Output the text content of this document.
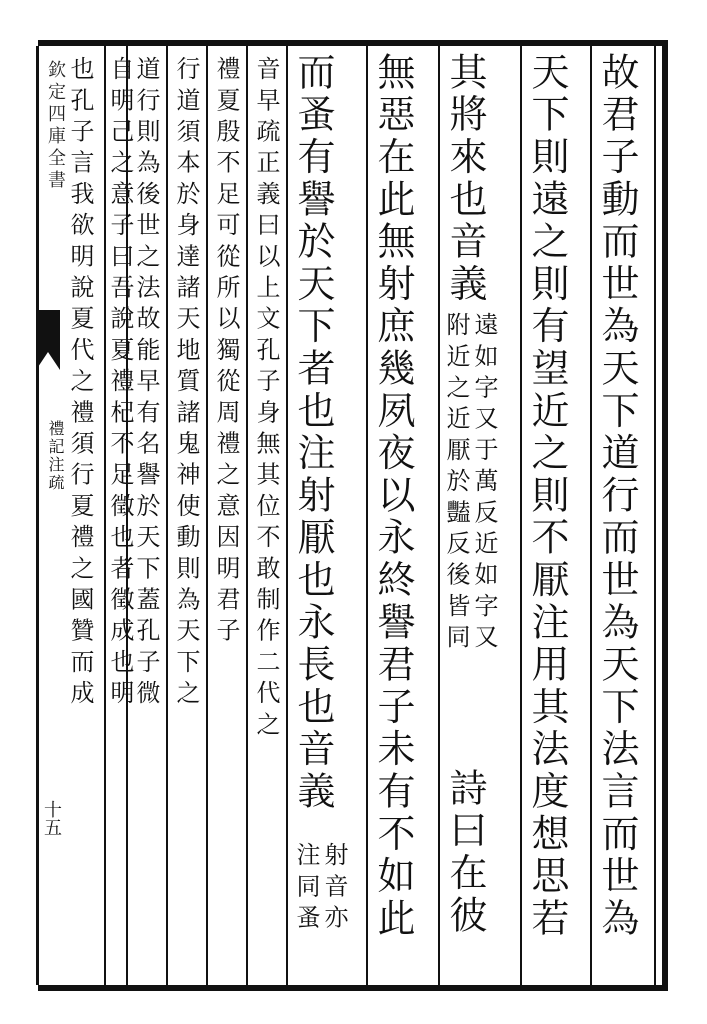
欽定四庫全書
禮記注疏
十五	故君子動而世為天下道行而世為天下法言而世為
天下則遠之則有望近之則不厭注用其法度想思若
其將來也音義
遠如字又于萬反近如字又
附近之近厭於豔反後皆同
詩曰在彼
無惡在此無射庶幾夙夜以永終譽君子未有不如此
而蚤有譽於天下者也注射厭也永長也音義
射音亦
注同蚤
音早疏正義曰以上文孔子身無其位不敢制作二代之
禮夏殷不足可從所以獨從周禮之意因明君子
行道須本於身達諸天地質諸鬼神使動則為天下之
道行則為後世之法故能早有名譽於天下蓋孔子微
自明己之意子曰吾說夏禮杞不足徵也者徵成也明
也孔子言我欲明說夏代之禮須行夏禮之國贊而成
